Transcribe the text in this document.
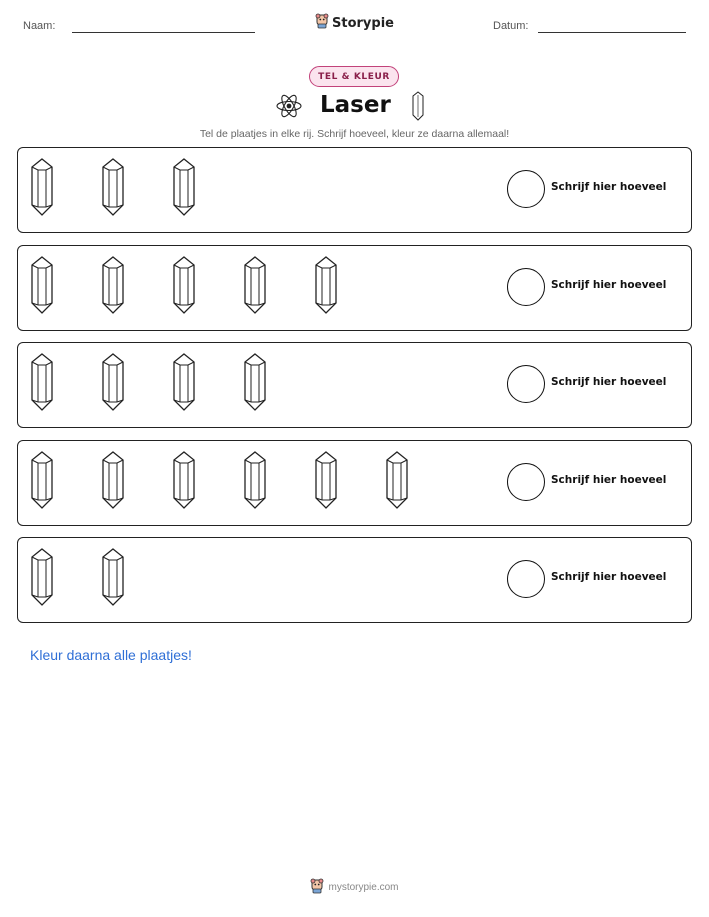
Naam:	Storypie	Datum:
TEL & KLEUR
Laser
Tel de plaatjes in elke rij. Schrijf hoeveel, kleur ze daarna allemaal!
Schrijf hier hoeveel
Schrijf hier hoeveel
Schrijf hier hoeveel
Schrijf hier hoeveel
Schrijf hier hoeveel
Kleur daarna alle plaatjes!
mystorypie.com
